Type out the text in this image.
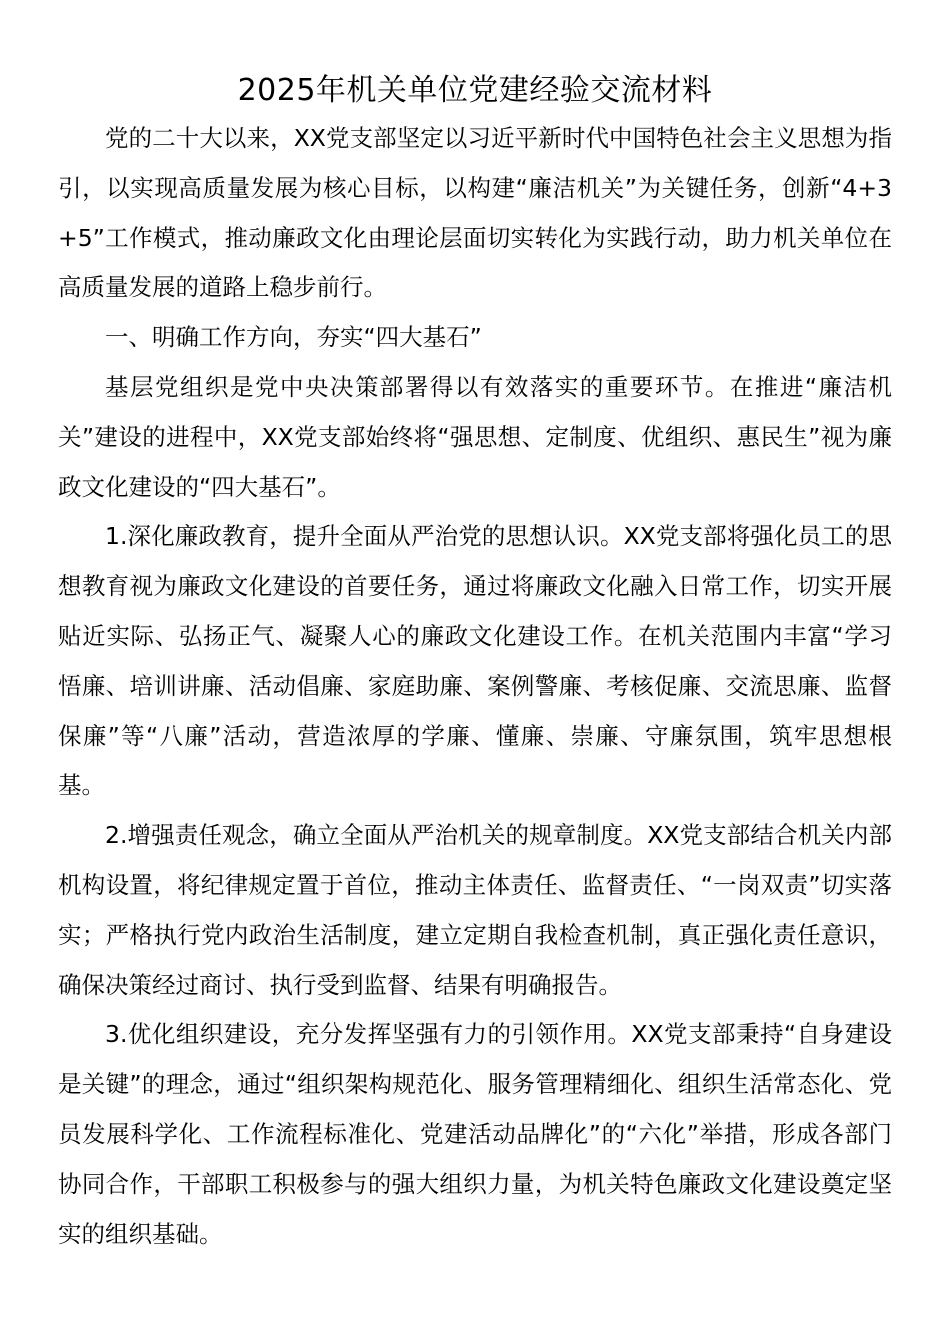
2025年机关单位党建经验交流材料

党的二十大以来，XX党支部坚定以习近平新时代中国特色社会主义思想为指引，以实现高质量发展为核心目标，以构建“廉洁机关”为关键任务，创新“4+3+5”工作模式，推动廉政文化由理论层面切实转化为实践行动，助力机关单位在高质量发展的道路上稳步前行。

一、明确工作方向，夯实“四大基石”

基层党组织是党中央决策部署得以有效落实的重要环节。在推进“廉洁机关”建设的进程中，XX党支部始终将“强思想、定制度、优组织、惠民生”视为廉政文化建设的“四大基石”。

1.深化廉政教育，提升全面从严治党的思想认识。XX党支部将强化员工的思想教育视为廉政文化建设的首要任务，通过将廉政文化融入日常工作，切实开展贴近实际、弘扬正气、凝聚人心的廉政文化建设工作。在机关范围内丰富“学习悟廉、培训讲廉、活动倡廉、家庭助廉、案例警廉、考核促廉、交流思廉、监督保廉”等“八廉”活动，营造浓厚的学廉、懂廉、崇廉、守廉氛围，筑牢思想根基。

2.增强责任观念，确立全面从严治机关的规章制度。XX党支部结合机关内部机构设置，将纪律规定置于首位，推动主体责任、监督责任、“一岗双责”切实落实；严格执行党内政治生活制度，建立定期自我检查机制，真正强化责任意识，确保决策经过商讨、执行受到监督、结果有明确报告。

3.优化组织建设，充分发挥坚强有力的引领作用。XX党支部秉持“自身建设是关键”的理念，通过“组织架构规范化、服务管理精细化、组织生活常态化、党员发展科学化、工作流程标准化、党建活动品牌化”的“六化”举措，形成各部门协同合作，干部职工积极参与的强大组织力量，为机关特色廉政文化建设奠定坚实的组织基础。
